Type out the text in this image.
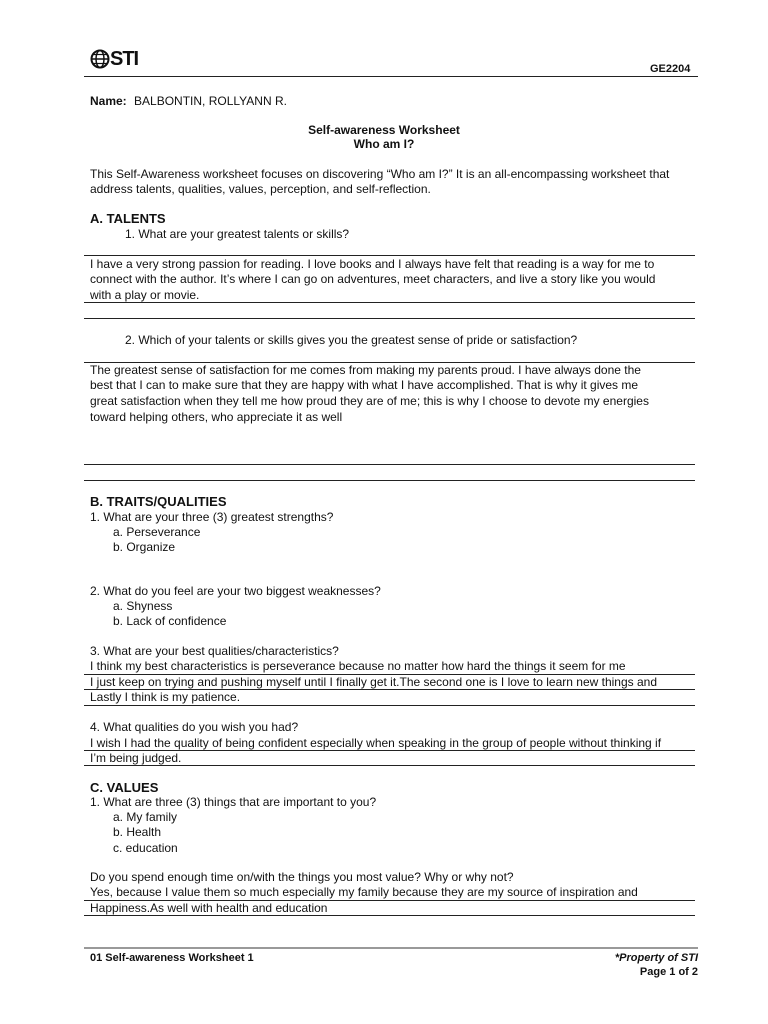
STI	GE2204
Name: BALBONTIN, ROLLYANN R.
Self-awareness Worksheet
Who am I?
This Self-Awareness worksheet focuses on discovering “Who am I?” It is an all-encompassing worksheet that
address talents, qualities, values, perception, and self-reflection.
A. TALENTS
1. What are your greatest talents or skills?
I have a very strong passion for reading. I love books and I always have felt that reading is a way for me to
connect with the author. It’s where I can go on adventures, meet characters, and live a story like you would
with a play or movie.
2. Which of your talents or skills gives you the greatest sense of pride or satisfaction?
The greatest sense of satisfaction for me comes from making my parents proud. I have always done the
best that I can to make sure that they are happy with what I have accomplished. That is why it gives me
great satisfaction when they tell me how proud they are of me; this is why I choose to devote my energies
toward helping others, who appreciate it as well
B. TRAITS/QUALITIES
1. What are your three (3) greatest strengths?
a. Perseverance
b. Organize
2. What do you feel are your two biggest weaknesses?
a. Shyness
b. Lack of confidence
3. What are your best qualities/characteristics?
I think my best characteristics is perseverance because no matter how hard the things it seem for me
I just keep on trying and pushing myself until I finally get it.The second one is I love to learn new things and
Lastly I think is my patience.
4. What qualities do you wish you had?
I wish I had the quality of being confident especially when speaking in the group of people without thinking if
I’m being judged.
C. VALUES
1. What are three (3) things that are important to you?
a. My family
b. Health
c. education
Do you spend enough time on/with the things you most value? Why or why not?
Yes, because I value them so much especially my family because they are my source of inspiration and
Happiness.As well with health and education
01 Self-awareness Worksheet 1	*Property of STI
Page 1 of 2
